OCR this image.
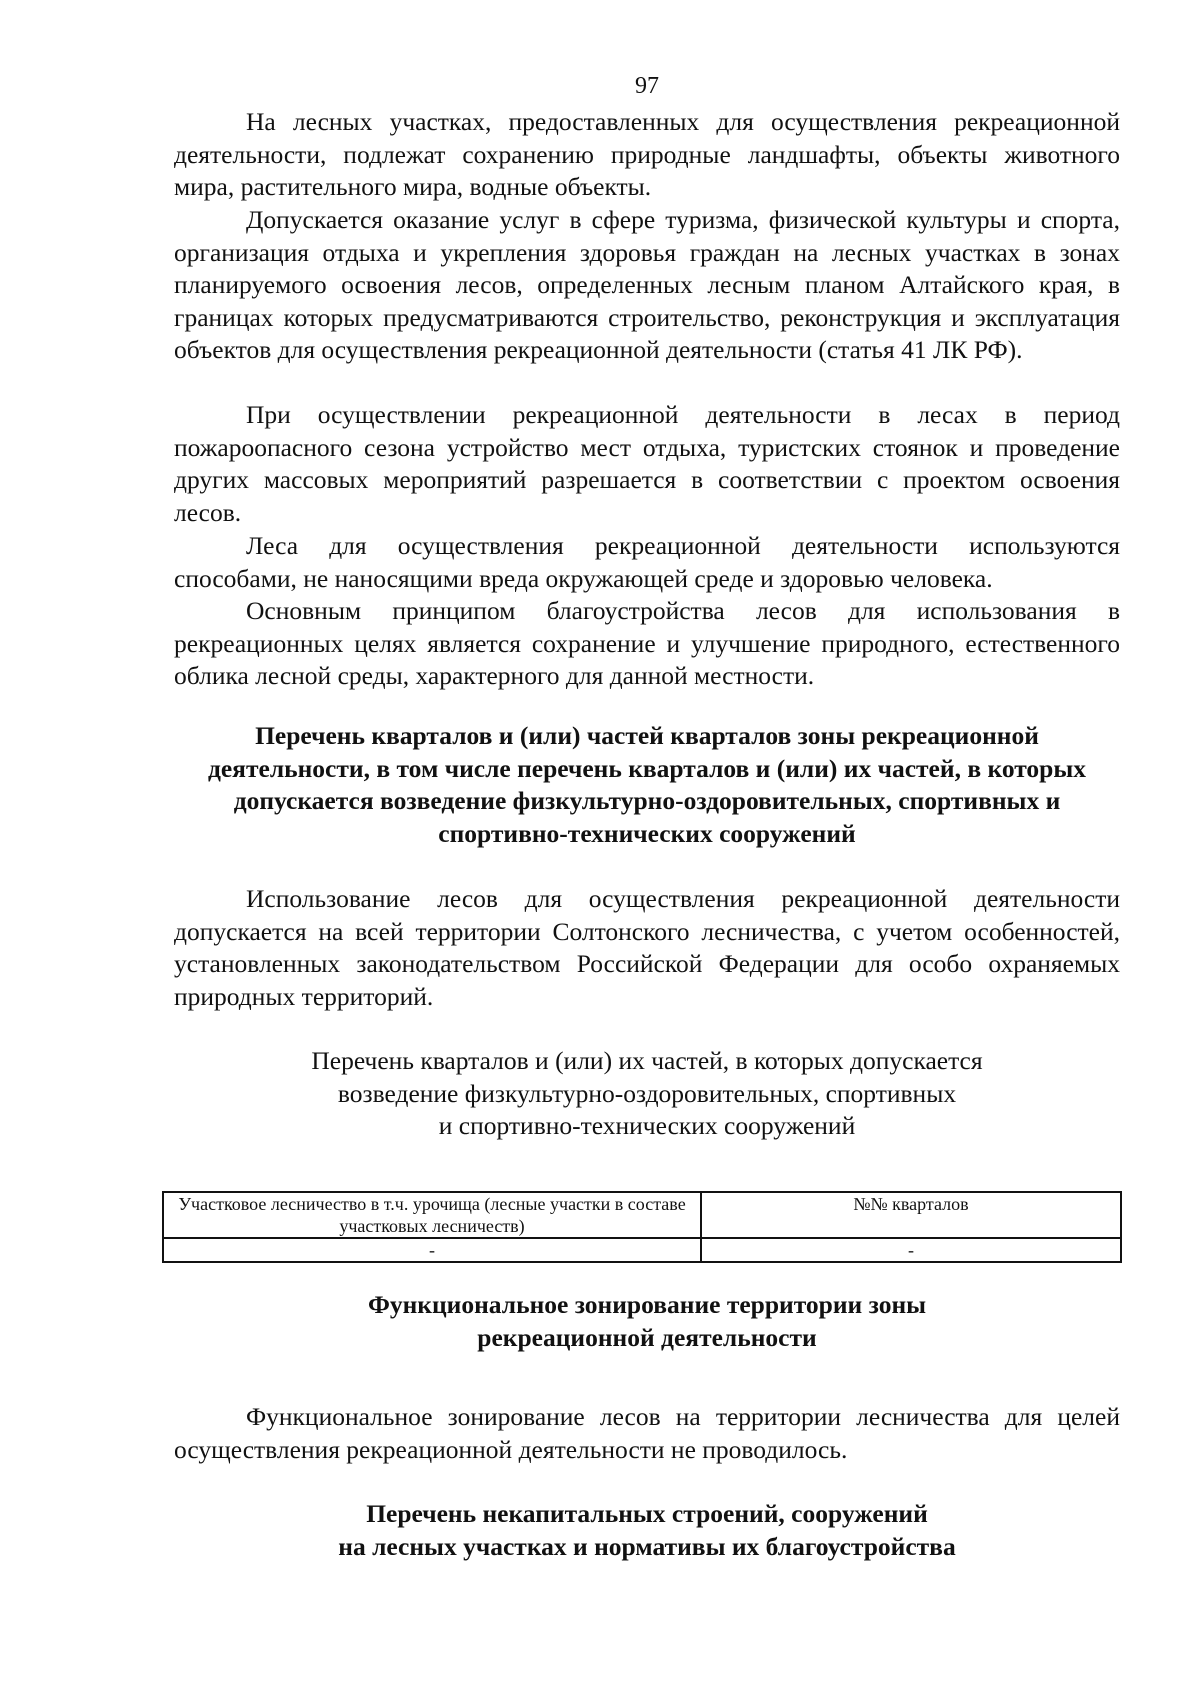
97

На лесных участках, предоставленных для осуществления рекреационной деятельности, подлежат сохранению природные ландшафты, объекты животного мира, растительного мира, водные объекты.

Допускается оказание услуг в сфере туризма, физической культуры и спорта, организация отдыха и укрепления здоровья граждан на лесных участках в зонах планируемого освоения лесов, определенных лесным планом Алтайского края, в границах которых предусматриваются строительство, реконструкция и эксплуатация объектов для осуществления рекреационной деятельности (статья 41 ЛК РФ).

При осуществлении рекреационной деятельности в лесах в период пожароопасного сезона устройство мест отдыха, туристских стоянок и проведение других массовых мероприятий разрешается в соответствии с проектом освоения лесов.

Леса для осуществления рекреационной деятельности используются способами, не наносящими вреда окружающей среде и здоровью человека.

Основным принципом благоустройства лесов для использования в рекреационных целях является сохранение и улучшение природного, естественного облика лесной среды, характерного для данной местности.

Перечень кварталов и (или) частей кварталов зоны рекреационной деятельности, в том числе перечень кварталов и (или) их частей, в которых допускается возведение физкультурно-оздоровительных, спортивных и спортивно-технических сооружений

Использование лесов для осуществления рекреационной деятельности допускается на всей территории Солтонского лесничества, с учетом особенностей, установленных законодательством Российской Федерации для особо охраняемых природных территорий.

Перечень кварталов и (или) их частей, в которых допускается
возведение физкультурно-оздоровительных, спортивных
и спортивно-технических сооружений
Участковое лесничество в т.ч. урочища (лесные участки в составе участковых лесничеств)	№№ кварталов
-	-
Функциональное зонирование территории зоны
рекреационной деятельности

Функциональное зонирование лесов на территории лесничества для целей осуществления рекреационной деятельности не проводилось.

Перечень некапитальных строений, сооружений
на лесных участках и нормативы их благоустройства
